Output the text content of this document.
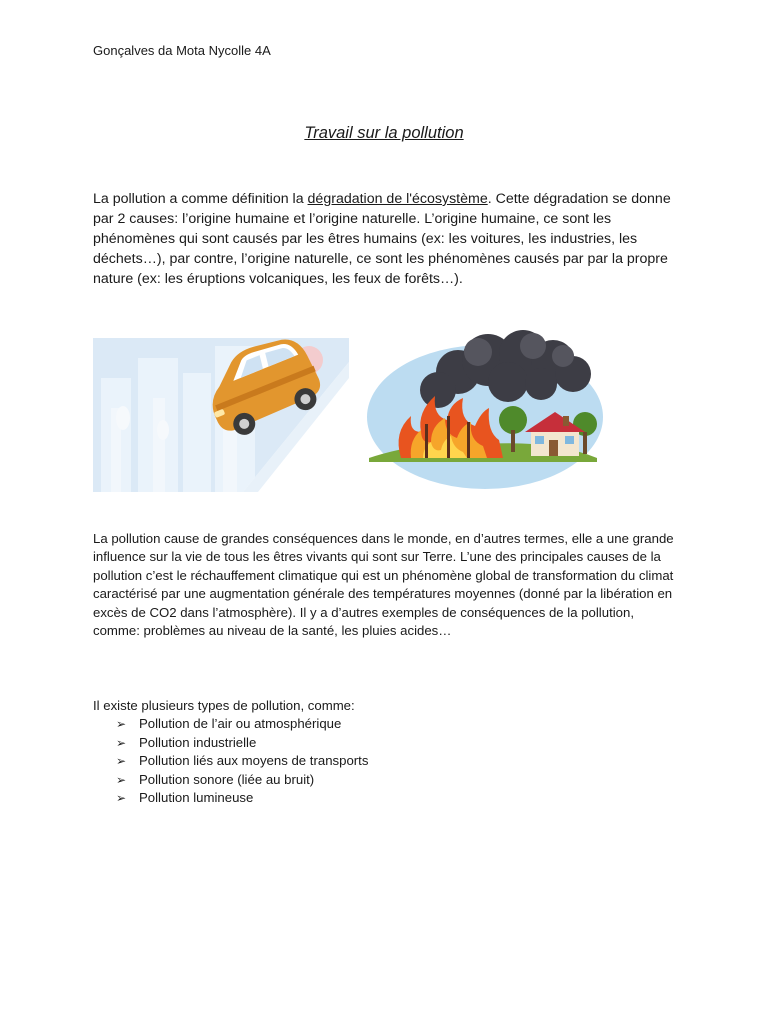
Gonçalves da Mota Nycolle 4A
Travail sur la pollution
La pollution a comme définition la dégradation de l'écosystème. Cette dégradation se donne par 2 causes: l’origine humaine et l’origine naturelle. L’origine humaine, ce sont les phénomènes qui sont causés par les êtres humains (ex: les voitures, les industries, les déchets…), par contre, l’origine naturelle, ce sont les phénomènes causés par par la propre nature (ex: les éruptions volcaniques, les feux de forêts…).
La pollution cause de grandes conséquences dans le monde, en d’autres termes, elle a une grande influence sur la vie de tous les êtres vivants qui sont sur Terre. L’une des principales causes de la pollution c’est le réchauffement climatique qui est un phénomène global de transformation du climat caractérisé par une augmentation générale des températures moyennes (donné par la libération en excès de CO2 dans l’atmosphère). Il y a d’autres exemples de conséquences de la pollution, comme: problèmes au niveau de la santé, les pluies acides…
Il existe plusieurs types de pollution, comme:
➢ Pollution de l’air ou atmosphérique
➢ Pollution industrielle
➢ Pollution liés aux moyens de transports
➢ Pollution sonore (liée au bruit)
➢ Pollution lumineuse
